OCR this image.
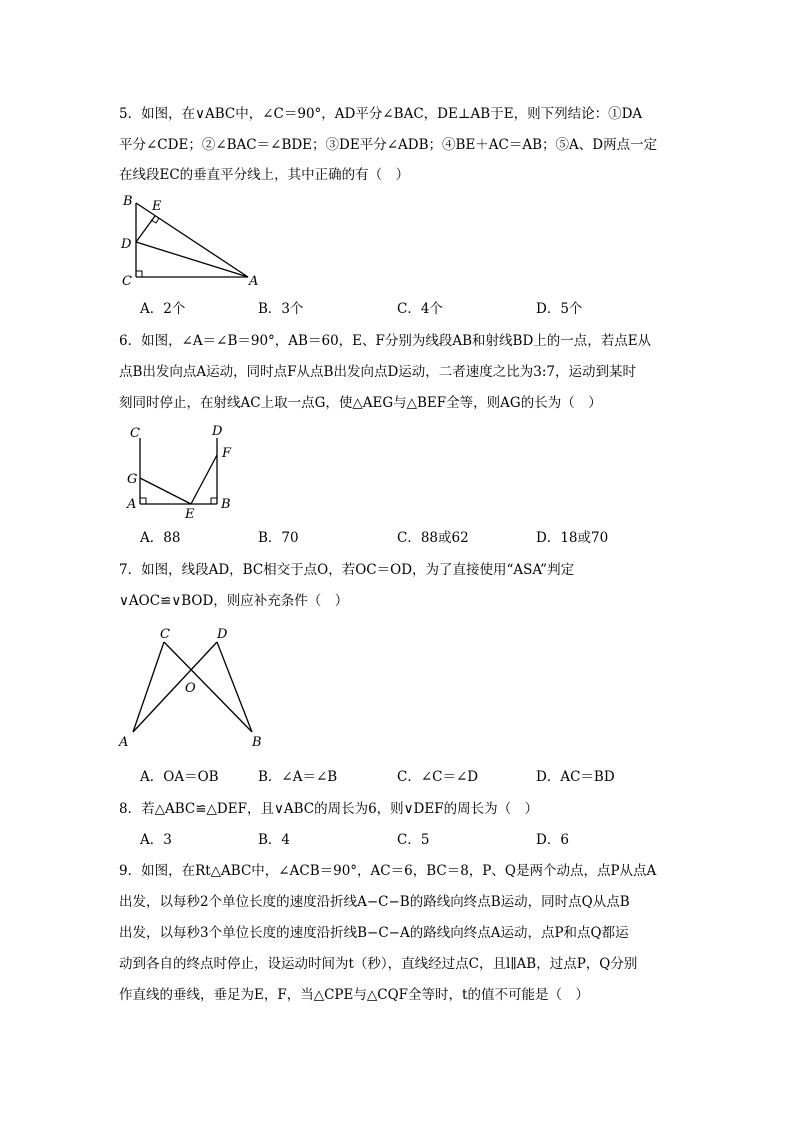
5．如图，在∨ABC中，∠C＝90°，AD平分∠BAC，DE⊥AB于E，则下列结论：①DA
平分∠CDE；②∠BAC＝∠BDE；③DE平分∠ADB；④BE＋AC＝AB；⑤A、D两点一定
在线段EC的垂直平分线上，其中正确的有（　）
B E
D
C	A
A．2个	B．3个	C．4个	D．5个
6．如图，∠A＝∠B＝90°，AB＝60，E、F分别为线段AB和射线BD上的一点，若点E从
点B出发向点A运动，同时点F从点B出发向点D运动，二者速度之比为3:7，运动到某时
刻同时停止，在射线AC上取一点G，使△AEG与△BEF全等，则AG的长为（　）
C	D
F
G
A
E
B
A．88	B．70	C．88或62	D．18或70
7．如图，线段AD，BC相交于点O，若OC＝OD，为了直接使用“ASA”判定
∨AOC≌∨BOD，则应补充条件（　）
C	D
O
A	B
A．OA＝OB	B．∠A＝∠B	C．∠C＝∠D	D．AC＝BD
8．若△ABC≌△DEF，且∨ABC的周长为6，则∨DEF的周长为（　）
A．3	B．4	C．5	D．6
9．如图，在Rt△ABC中，∠ACB＝90°，AC＝6，BC＝8，P、Q是两个动点，点P从点A
出发，以每秒2个单位长度的速度沿折线A−C−B的路线向终点B运动，同时点Q从点B
出发，以每秒3个单位长度的速度沿折线B−C−A的路线向终点A运动，点P和点Q都运
动到各自的终点时停止，设运动时间为t（秒），直线经过点C，且l∥AB，过点P，Q分别
作直线的垂线，垂足为E，F，当△CPE与△CQF全等时，t的值不可能是（　）
